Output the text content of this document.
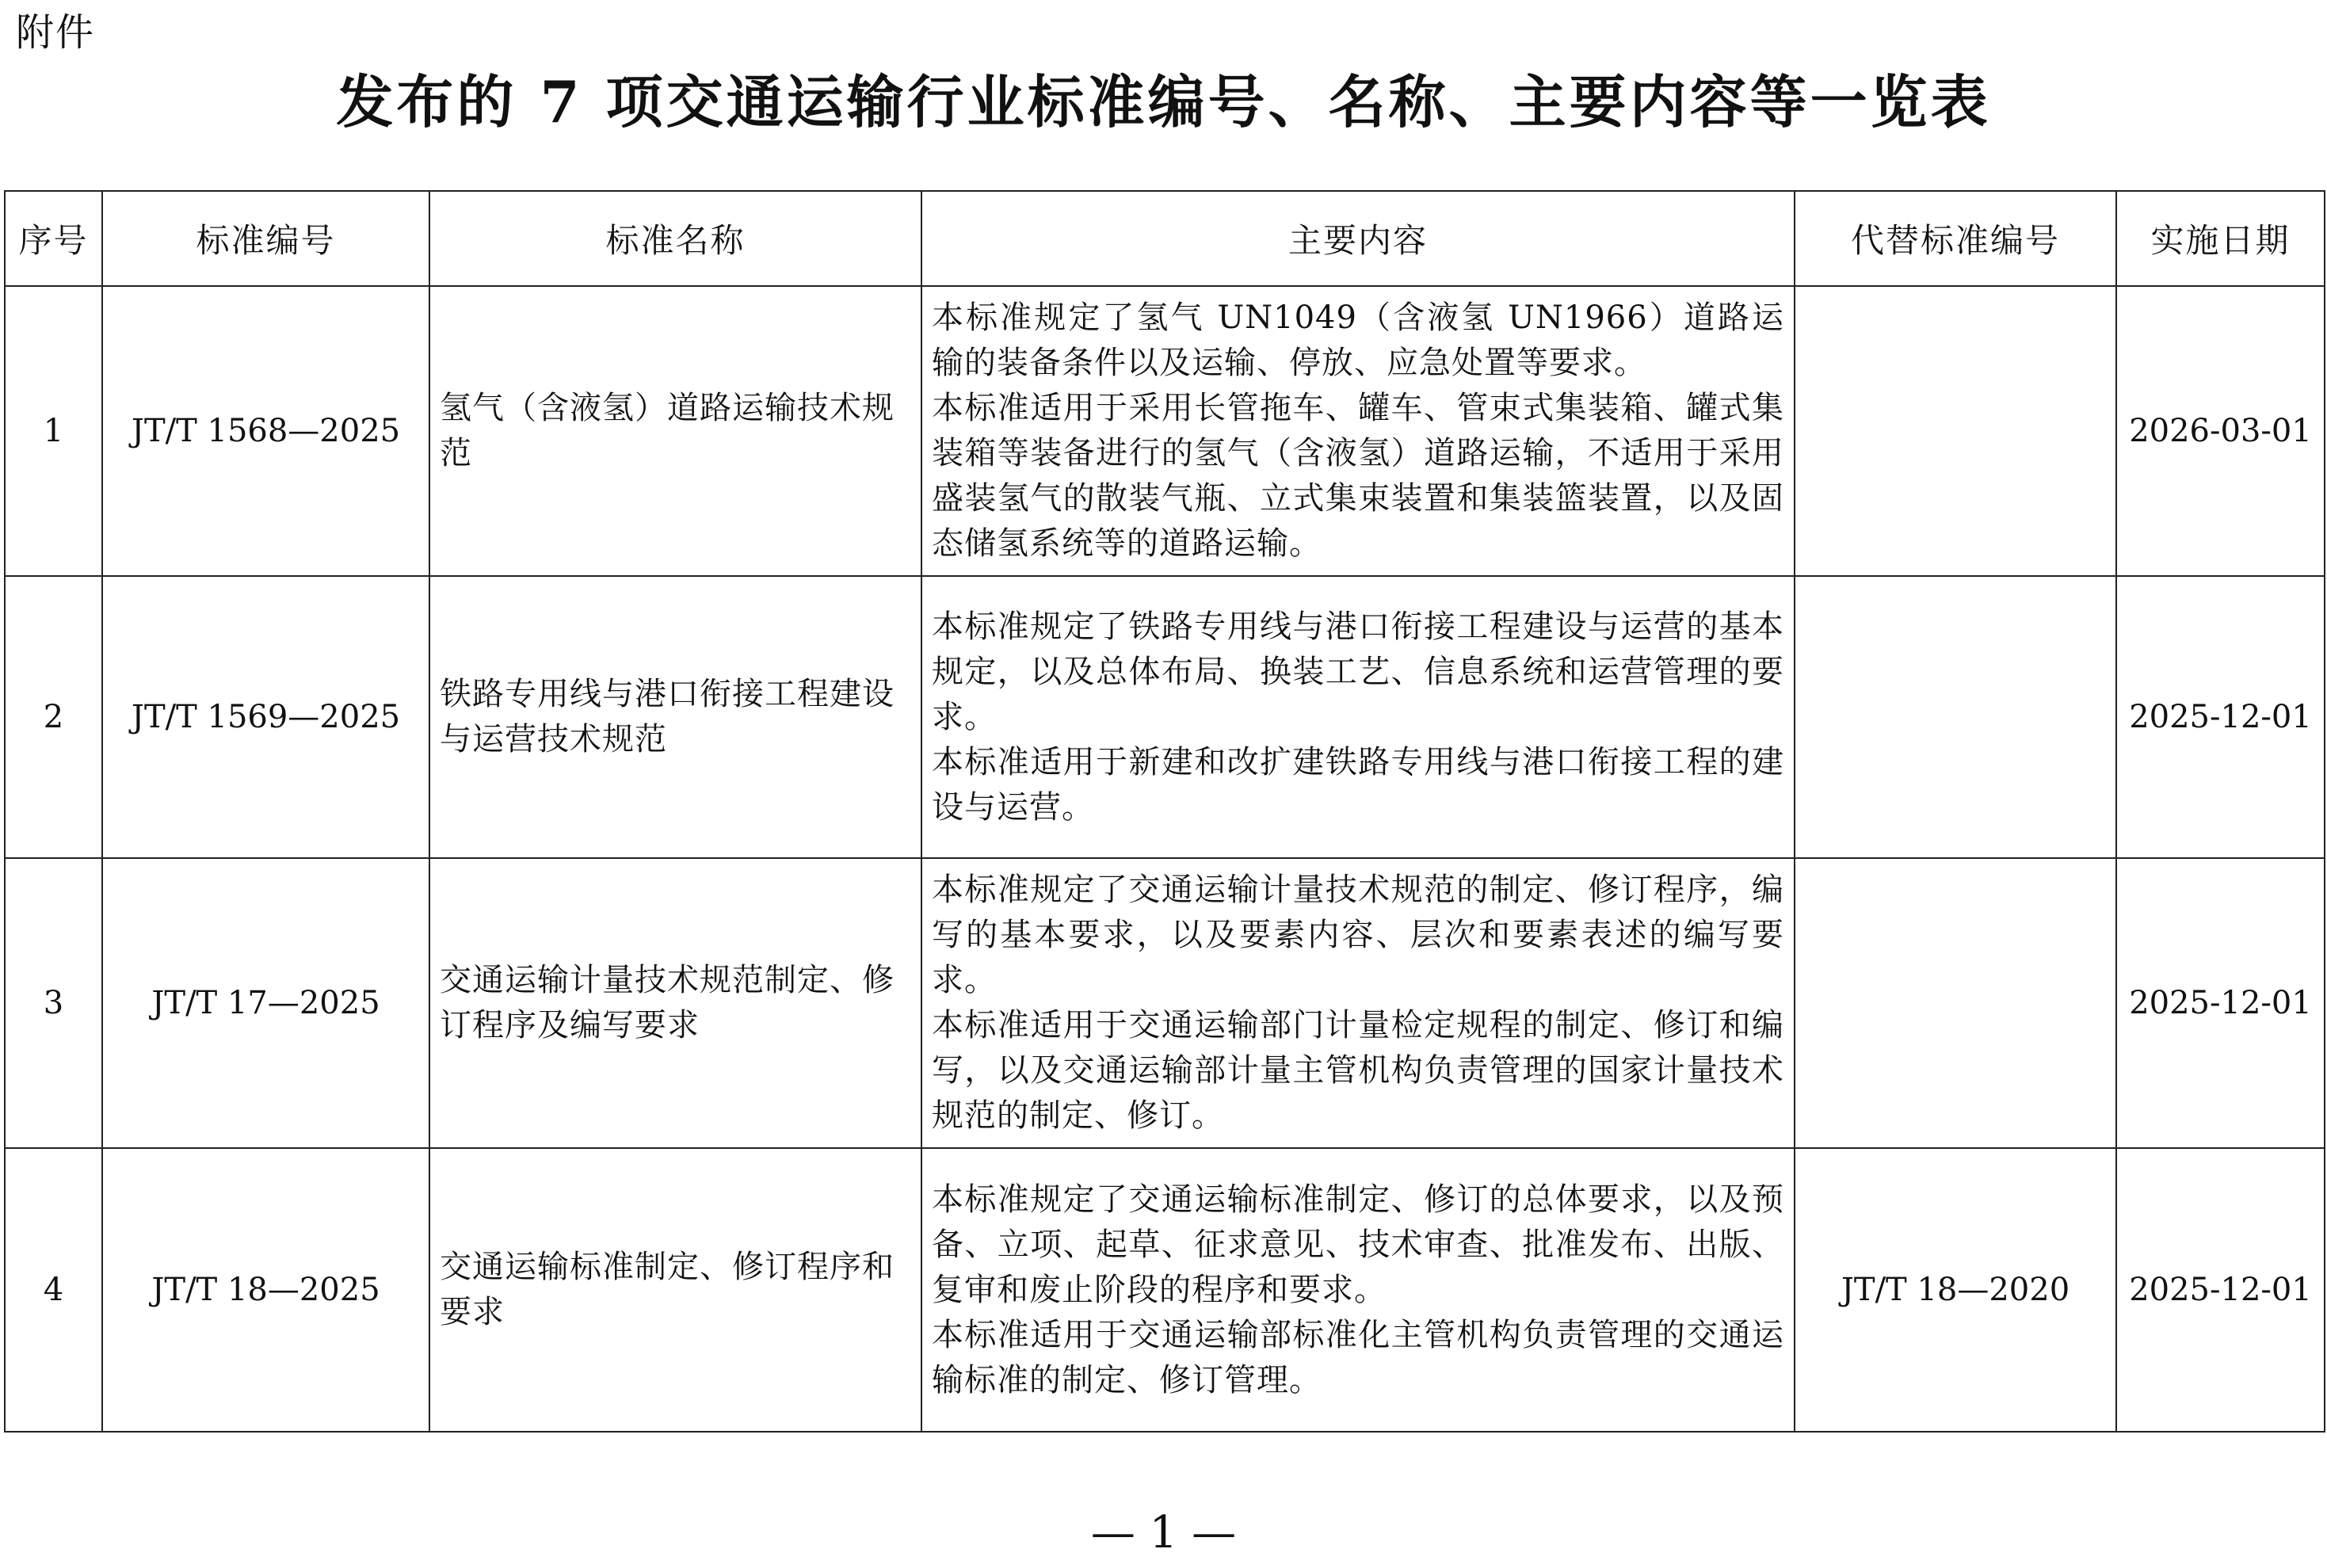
附件
发布的 7 项交通运输行业标准编号、名称、主要内容等一览表
序号	标准编号	标准名称	主要内容	代替标准编号	实施日期
1	JT/T 1568—2025	氢气（含液氢）道路运输技术规范	本标准规定了氢气 UN1049（含液氢 UN1966）道路运输的装备条件以及运输、停放、应急处置等要求。
本标准适用于采用长管拖车、罐车、管束式集装箱、罐式集装箱等装备进行的氢气（含液氢）道路运输，不适用于采用盛装氢气的散装气瓶、立式集束装置和集装篮装置，以及固态储氢系统等的道路运输。		2026-03-01
2	JT/T 1569—2025	铁路专用线与港口衔接工程建设与运营技术规范	本标准规定了铁路专用线与港口衔接工程建设与运营的基本规定，以及总体布局、换装工艺、信息系统和运营管理的要求。
本标准适用于新建和改扩建铁路专用线与港口衔接工程的建设与运营。		2025-12-01
3	JT/T 17—2025	交通运输计量技术规范制定、修订程序及编写要求	本标准规定了交通运输计量技术规范的制定、修订程序，编写的基本要求，以及要素内容、层次和要素表述的编写要求。
本标准适用于交通运输部门计量检定规程的制定、修订和编写，以及交通运输部计量主管机构负责管理的国家计量技术规范的制定、修订。		2025-12-01
4	JT/T 18—2025	交通运输标准制定、修订程序和要求	本标准规定了交通运输标准制定、修订的总体要求，以及预备、立项、起草、征求意见、技术审查、批准发布、出版、复审和废止阶段的程序和要求。
本标准适用于交通运输部标准化主管机构负责管理的交通运输标准的制定、修订管理。	JT/T 18—2020	2025-12-01
— 1 —
